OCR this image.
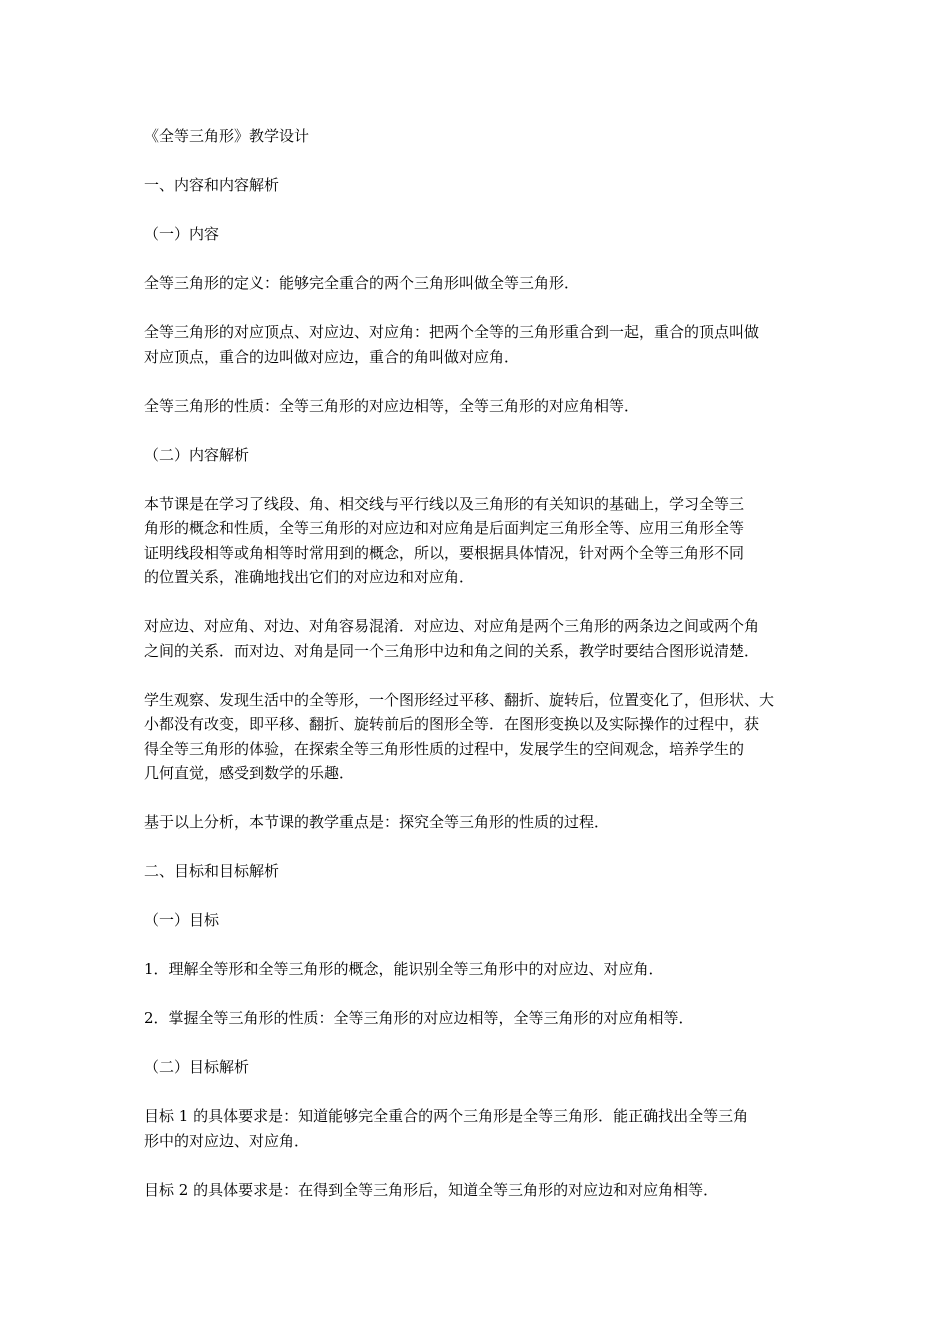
《全等三角形》教学设计

一、内容和内容解析

（一）内容

全等三角形的定义：能够完全重合的两个三角形叫做全等三角形．

全等三角形的对应顶点、对应边、对应角：把两个全等的三角形重合到一起，重合的顶点叫做
对应顶点，重合的边叫做对应边，重合的角叫做对应角．

全等三角形的性质：全等三角形的对应边相等，全等三角形的对应角相等．

（二）内容解析

本节课是在学习了线段、角、相交线与平行线以及三角形的有关知识的基础上，学习全等三
角形的概念和性质，全等三角形的对应边和对应角是后面判定三角形全等、应用三角形全等
证明线段相等或角相等时常用到的概念，所以，要根据具体情况，针对两个全等三角形不同
的位置关系，准确地找出它们的对应边和对应角．

对应边、对应角、对边、对角容易混淆．对应边、对应角是两个三角形的两条边之间或两个角
之间的关系．而对边、对角是同一个三角形中边和角之间的关系，教学时要结合图形说清楚．

学生观察、发现生活中的全等形，一个图形经过平移、翻折、旋转后，位置变化了，但形状、大
小都没有改变，即平移、翻折、旋转前后的图形全等．在图形变换以及实际操作的过程中，获
得全等三角形的体验，在探索全等三角形性质的过程中，发展学生的空间观念，培养学生的
几何直觉，感受到数学的乐趣．

基于以上分析，本节课的教学重点是：探究全等三角形的性质的过程．

二、目标和目标解析

（一）目标

1．理解全等形和全等三角形的概念，能识别全等三角形中的对应边、对应角．

2．掌握全等三角形的性质：全等三角形的对应边相等，全等三角形的对应角相等．

（二）目标解析

目标 1 的具体要求是：知道能够完全重合的两个三角形是全等三角形．能正确找出全等三角
形中的对应边、对应角．

目标 2 的具体要求是：在得到全等三角形后，知道全等三角形的对应边和对应角相等．
